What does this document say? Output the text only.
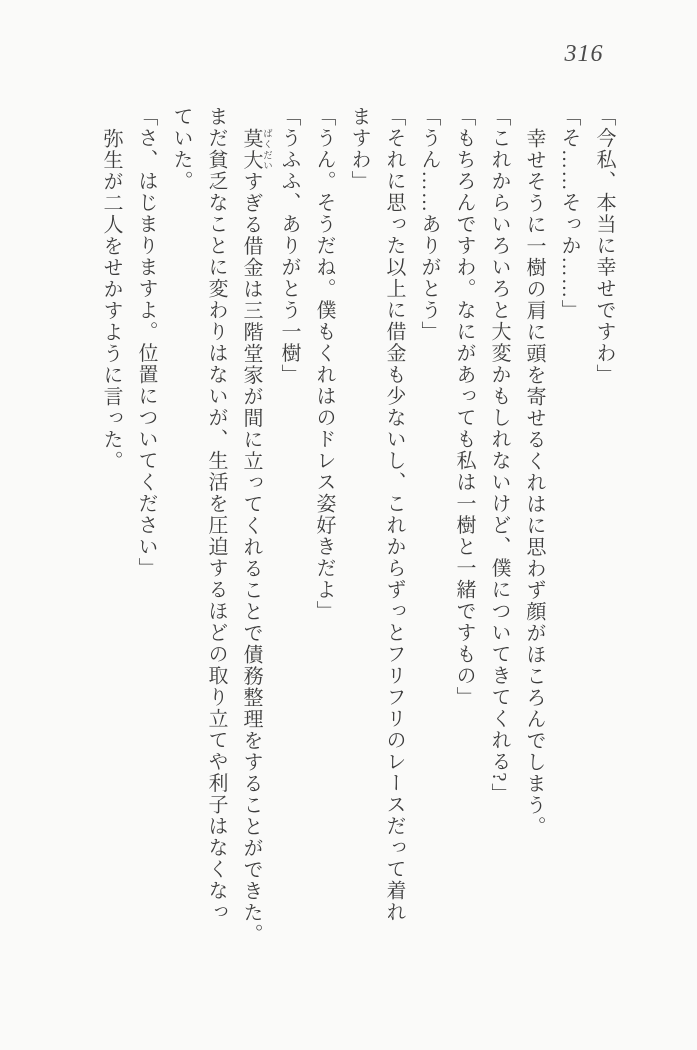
316
「今私、本当に幸せですわ」
「そ……そっか……」
幸せそうに一樹の肩に頭を寄せるくれはに思わず顔がほころんでしまう。
「これからいろいろと大変かもしれないけど、僕についてきてくれる?」
「もちろんですわ。なにがあっても私は一樹と一緒ですもの」
「うん……ありがとう」
「それに思った以上に借金も少ないし、これからずっとフリフリのレースだって着れ
ますわ」
「うん。そうだね。僕もくれはのドレス姿好きだよ」
「うふふ、ありがとう一樹」
莫大 ばくだいすぎる借金は三階堂家が間に立ってくれることで債務整理をすることができた。
まだ貧乏なことに変わりはないが、生活を圧迫するほどの取り立てや利子はなくなっ
ていた。
「さ、はじまりますよ。位置についてください」
弥生が二人をせかすように言った。
